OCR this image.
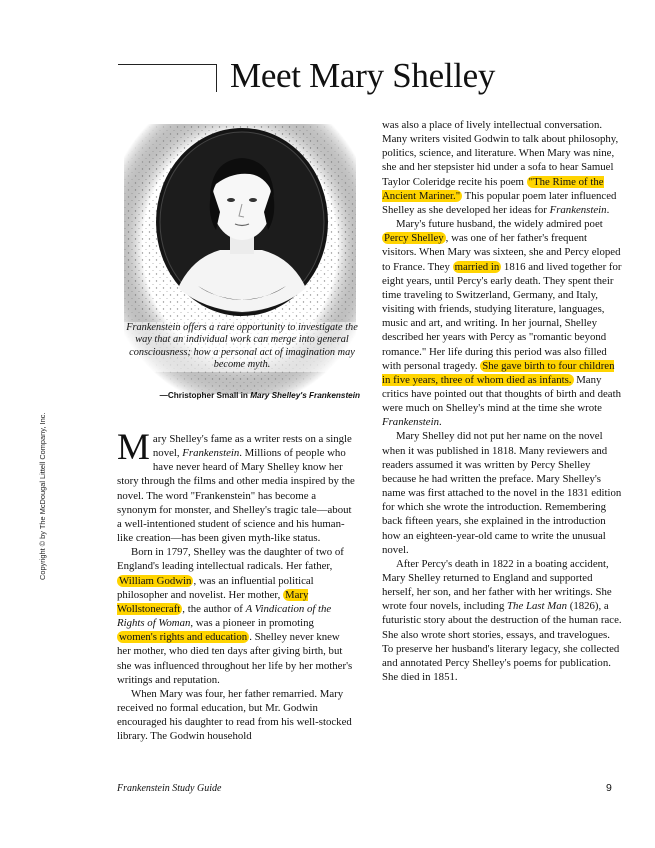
Meet Mary Shelley
Frankenstein offers a rare opportunity to investigate the way that an individual work can merge into general consciousness; how a personal act of imagination may become myth.
—Christopher Small in Mary Shelley's Frankenstein

Mary Shelley's fame as a writer rests on a single novel, Frankenstein. Millions of people who have never heard of Mary Shelley know her story through the films and other media inspired by the novel. The word "Frankenstein" has become a synonym for monster, and Shelley's tragic tale—about a well-intentioned student of science and his human-like creation—has been given myth-like status.

Born in 1797, Shelley was the daughter of two of England's leading intellectual radicals. Her father, William Godwin , was an influential political philosopher and novelist. Her mother, Mary Wollstonecraft , the author of A Vindication of the Rights of Woman, was a pioneer in promoting women's rights and education . Shelley never knew her mother, who died ten days after giving birth, but she was influenced throughout her life by her mother's writings and reputation.

When Mary was four, her father remarried. Mary received no formal education, but Mr. Godwin encouraged his daughter to read from his well-stocked library. The Godwin household

was also a place of lively intellectual conversation. Many writers visited Godwin to talk about philosophy, politics, science, and literature. When Mary was nine, she and her stepsister hid under a sofa to hear Samuel Taylor Coleridge recite his poem "The Rime of the Ancient Mariner." This popular poem later influenced Shelley as she developed her ideas for Frankenstein.

Mary's future husband, the widely admired poet Percy Shelley , was one of her father's frequent visitors. When Mary was sixteen, she and Percy eloped to France. They married in 1816 and lived together for eight years, until Percy's early death. They spent their time traveling to Switzerland, Germany, and Italy, visiting with friends, studying literature, languages, music and art, and writing. In her journal, Shelley described her years with Percy as "romantic beyond romance." Her life during this period was also filled with personal tragedy. She gave birth to four children in five years, three of whom died as infants. Many critics have pointed out that thoughts of birth and death were much on Shelley's mind at the time she wrote Frankenstein.

Mary Shelley did not put her name on the novel when it was published in 1818. Many reviewers and readers assumed it was written by Percy Shelley because he had written the preface. Mary Shelley's name was first attached to the novel in the 1831 edition for which she wrote the introduction. Remembering back fifteen years, she explained in the introduction how an eighteen-year-old came to write the unusual novel.

After Percy's death in 1822 in a boating accident, Mary Shelley returned to England and supported herself, her son, and her father with her writings. She wrote four novels, including The Last Man (1826), a futuristic story about the destruction of the human race. She also wrote short stories, essays, and travelogues. To preserve her husband's literary legacy, she collected and annotated Percy Shelley's poems for publication. She died in 1851.

Copyright © by The McDougal Littell Company, Inc.
Frankenstein Study Guide	9
